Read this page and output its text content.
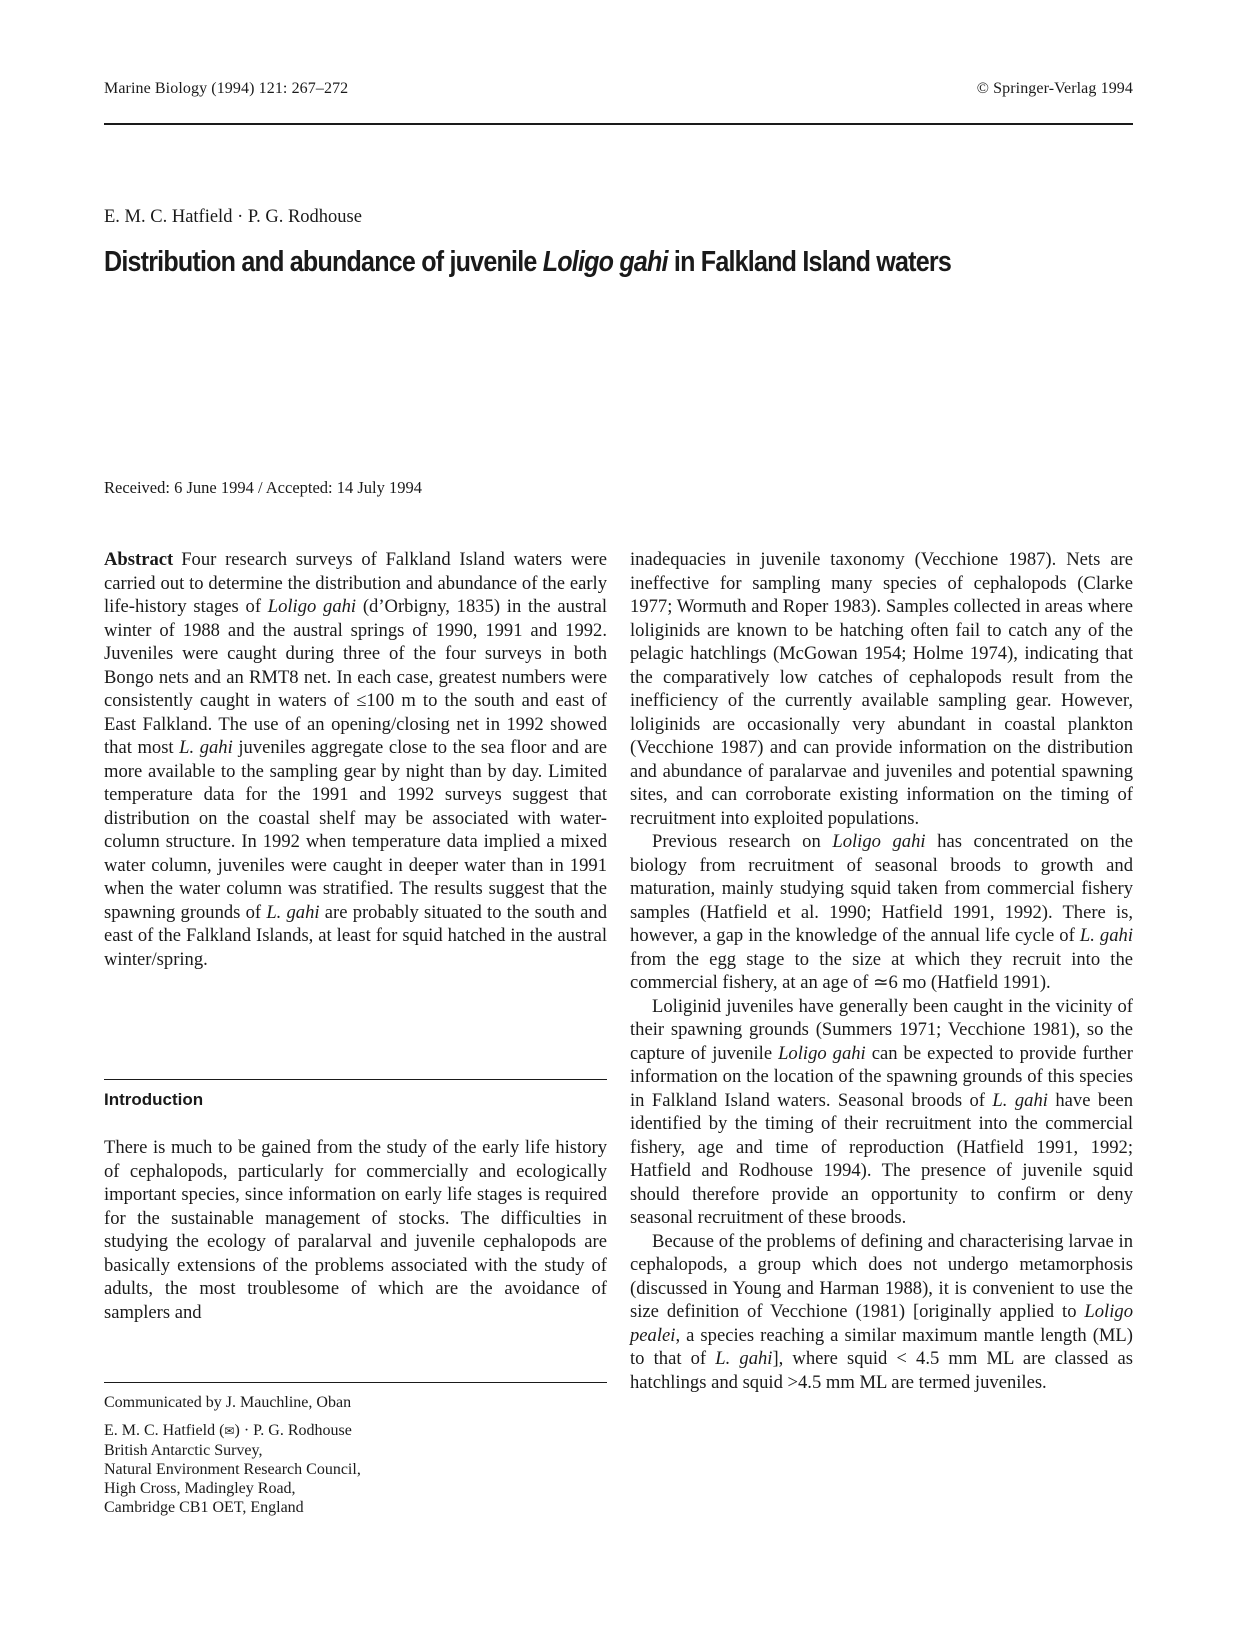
Marine Biology (1994) 121: 267–272	© Springer-Verlag 1994
E. M. C. Hatfield · P. G. Rodhouse
Distribution and abundance of juvenile Loligo gahi in Falkland Island waters
Received: 6 June 1994 / Accepted: 14 July 1994

Abstract Four research surveys of Falkland Island waters were carried out to determine the distribution and abundance of the early life-history stages of Loligo gahi (d’Orbigny, 1835) in the austral winter of 1988 and the austral springs of 1990, 1991 and 1992. Juveniles were caught during three of the four surveys in both Bongo nets and an RMT8 net. In each case, greatest numbers were consistently caught in waters of ≤100 m to the south and east of East Falkland. The use of an opening/closing net in 1992 showed that most L. gahi juveniles aggregate close to the sea floor and are more available to the sampling gear by night than by day. Limited temperature data for the 1991 and 1992 surveys suggest that distribution on the coastal shelf may be associated with water-column structure. In 1992 when temperature data implied a mixed water column, juveniles were caught in deeper water than in 1991 when the water column was stratified. The results suggest that the spawning grounds of L. gahi are probably situated to the south and east of the Falkland Islands, at least for squid hatched in the austral winter/spring.

Introduction

There is much to be gained from the study of the early life history of cephalopods, particularly for commercially and ecologically important species, since information on early life stages is required for the sustainable management of stocks. The difficulties in studying the ecology of paralarval and juvenile cephalopods are basically extensions of the problems associated with the study of adults, the most troublesome of which are the avoidance of samplers and

Communicated by J. Mauchline, Oban
E. M. C. Hatfield (✉) · P. G. Rodhouse
British Antarctic Survey,
Natural Environment Research Council,
High Cross, Madingley Road,
Cambridge CB1 OET, England

inadequacies in juvenile taxonomy (Vecchione 1987). Nets are ineffective for sampling many species of cephalopods (Clarke 1977; Wormuth and Roper 1983). Samples collected in areas where loliginids are known to be hatching often fail to catch any of the pelagic hatchlings (McGowan 1954; Holme 1974), indicating that the comparatively low catches of cephalopods result from the inefficiency of the currently available sampling gear. However, loliginids are occasionally very abundant in coastal plankton (Vecchione 1987) and can provide information on the distribution and abundance of paralarvae and juveniles and potential spawning sites, and can corroborate existing information on the timing of recruitment into exploited populations.

Previous research on Loligo gahi has concentrated on the biology from recruitment of seasonal broods to growth and maturation, mainly studying squid taken from commercial fishery samples (Hatfield et al. 1990; Hatfield 1991, 1992). There is, however, a gap in the knowledge of the annual life cycle of L. gahi from the egg stage to the size at which they recruit into the commercial fishery, at an age of ≃6 mo (Hatfield 1991).

Loliginid juveniles have generally been caught in the vicinity of their spawning grounds (Summers 1971; Vecchione 1981), so the capture of juvenile Loligo gahi can be expected to provide further information on the location of the spawning grounds of this species in Falkland Island waters. Seasonal broods of L. gahi have been identified by the timing of their recruitment into the commercial fishery, age and time of reproduction (Hatfield 1991, 1992; Hatfield and Rodhouse 1994). The presence of juvenile squid should therefore provide an opportunity to confirm or deny seasonal recruitment of these broods.

Because of the problems of defining and characterising larvae in cephalopods, a group which does not undergo metamorphosis (discussed in Young and Harman 1988), it is convenient to use the size definition of Vecchione (1981) [originally applied to Loligo pealei, a species reaching a similar maximum mantle length (ML) to that of L. gahi], where squid < 4.5 mm ML are classed as hatchlings and squid >4.5 mm ML are termed juveniles.
